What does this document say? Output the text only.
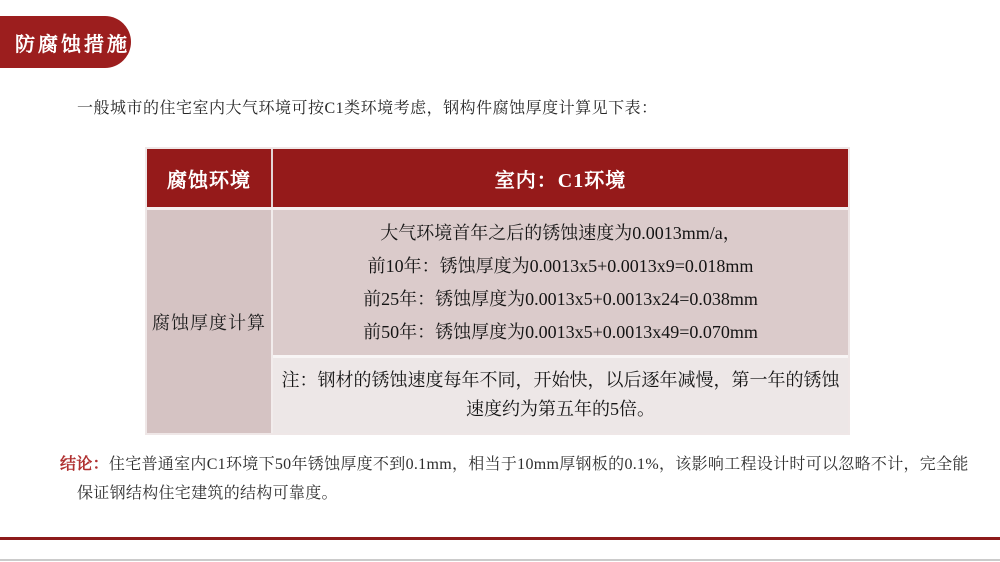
防腐蚀措施

一般城市的住宅室内大气环境可按C1类环境考虑，钢构件腐蚀厚度计算见下表：

腐蚀环境	室内：C1环境
腐蚀厚度计算
大气环境首年之后的锈蚀速度为0.0013mm/a，
前10年：锈蚀厚度为0.0013x5+0.0013x9=0.018mm
前25年：锈蚀厚度为0.0013x5+0.0013x24=0.038mm
前50年：锈蚀厚度为0.0013x5+0.0013x49=0.070mm
注：钢材的锈蚀速度每年不同，开始快，以后逐年减慢，第一年的锈蚀
速度约为第五年的5倍。

结论：住宅普通室内C1环境下50年锈蚀厚度不到0.1mm，相当于10mm厚钢板的0.1%，该影响工程设计时可以忽略不计，完全能保证钢结构住宅建筑的结构可靠度。
